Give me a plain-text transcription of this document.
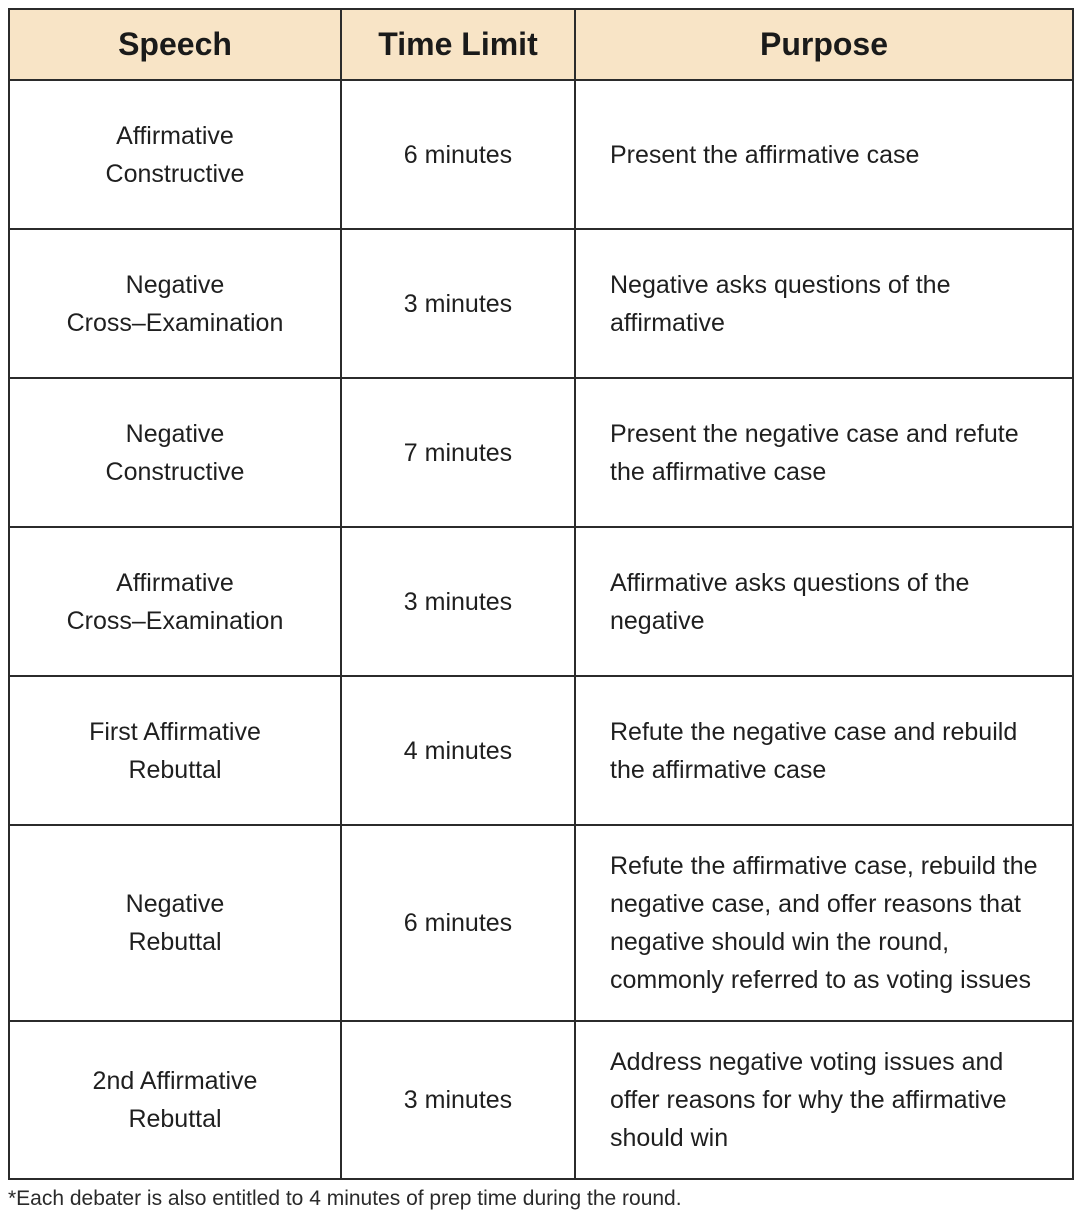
Speech	Time Limit	Purpose

Affirmative
Constructive	6 minutes	Present the affirmative case

Negative
Cross–Examination	3 minutes	Negative asks questions of the
affirmative

Negative
Constructive	7 minutes	Present the negative case and refute
the affirmative case

Affirmative
Cross–Examination	3 minutes	Affirmative asks questions of the
negative

First Affirmative
Rebuttal	4 minutes	Refute the negative case and rebuild
the affirmative case

Negative
Rebuttal	6 minutes	Refute the affirmative case, rebuild the
negative case, and offer reasons that
negative should win the round,
commonly referred to as voting issues

2nd Affirmative
Rebuttal	3 minutes	Address negative voting issues and
offer reasons for why the affirmative
should win
*Each debater is also entitled to 4 minutes of prep time during the round.
